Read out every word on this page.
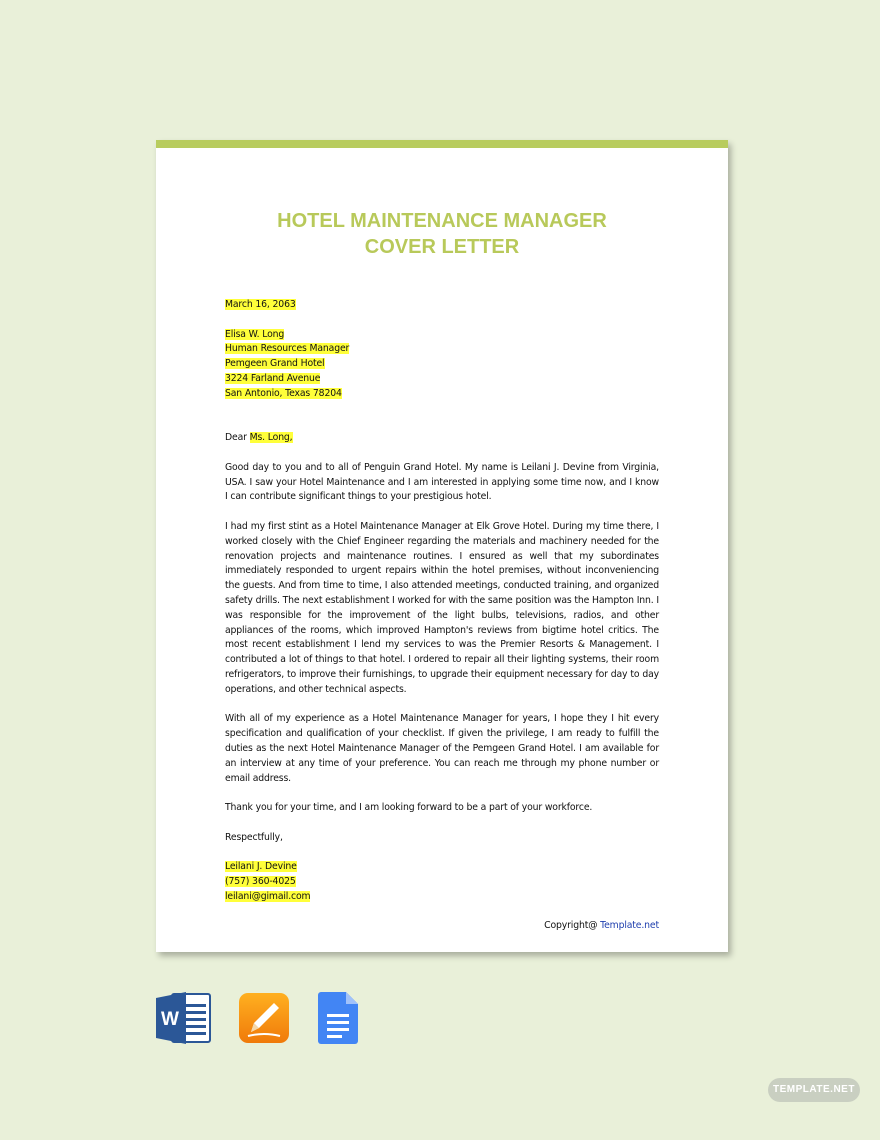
HOTEL MAINTENANCE MANAGER
COVER LETTER

March 16, 2063

Elisa W. Long

Human Resources Manager

Pemgeen Grand Hotel

3224 Farland Avenue

San Antonio, Texas 78204

Dear Ms. Long,

Good day to you and to all of Penguin Grand Hotel. My name is Leilani J. Devine from Virginia, USA. I saw your Hotel Maintenance and I am interested in applying some time now, and I know I can contribute significant things to your prestigious hotel.

I had my first stint as a Hotel Maintenance Manager at Elk Grove Hotel. During my time there, I worked closely with the Chief Engineer regarding the materials and machinery needed for the renovation projects and maintenance routines. I ensured as well that my subordinates immediately responded to urgent repairs within the hotel premises, without inconveniencing the guests. And from time to time, I also attended meetings, conducted training, and organized safety drills. The next establishment I worked for with the same position was the Hampton Inn. I was responsible for the improvement of the light bulbs, televisions, radios, and other appliances of the rooms, which improved Hampton's reviews from bigtime hotel critics. The most recent establishment I lend my services to was the Premier Resorts & Management. I contributed a lot of things to that hotel. I ordered to repair all their lighting systems, their room refrigerators, to improve their furnishings, to upgrade their equipment necessary for day to day operations, and other technical aspects.

With all of my experience as a Hotel Maintenance Manager for years, I hope they I hit every specification and qualification of your checklist. If given the privilege, I am ready to fulfill the duties as the next Hotel Maintenance Manager of the Pemgeen Grand Hotel. I am available for an interview at any time of your preference. You can reach me through my phone number or email address.

Thank you for your time, and I am looking forward to be a part of your workforce.

Respectfully,

Leilani J. Devine

(757) 360-4025

leilani@gimail.com

Copyright@ Template.net

W
TEMPLATE.NET
